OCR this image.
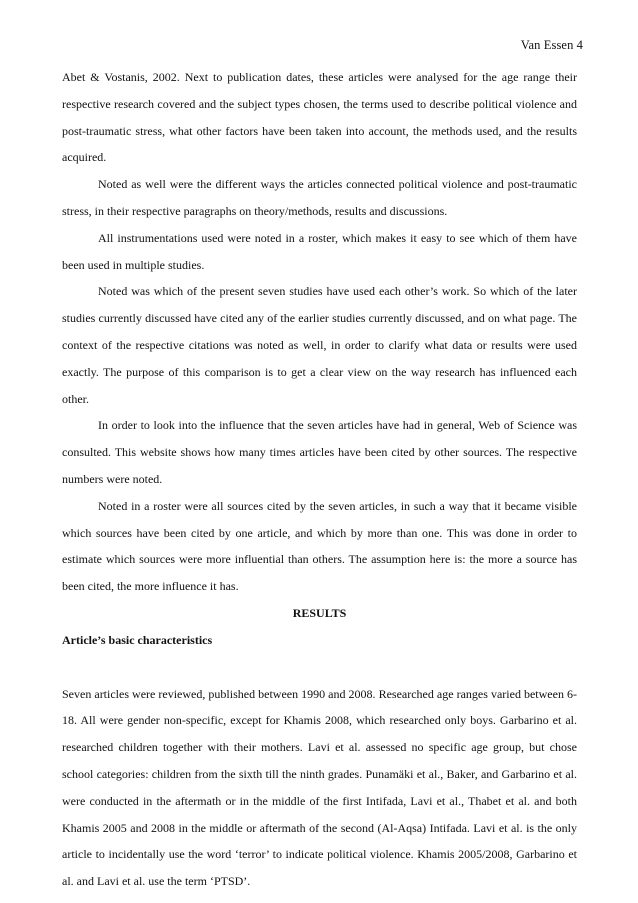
Van Essen 4

Abet & Vostanis, 2002. Next to publication dates, these articles were analysed for the age range their respective research covered and the subject types chosen, the terms used to describe political violence and post-traumatic stress, what other factors have been taken into account, the methods used, and the results acquired.

Noted as well were the different ways the articles connected political violence and post-traumatic stress, in their respective paragraphs on theory/methods, results and discussions.

All instrumentations used were noted in a roster, which makes it easy to see which of them have been used in multiple studies.

Noted was which of the present seven studies have used each other’s work. So which of the later studies currently discussed have cited any of the earlier studies currently discussed, and on what page. The context of the respective citations was noted as well, in order to clarify what data or results were used exactly. The purpose of this comparison is to get a clear view on the way research has influenced each other.

In order to look into the influence that the seven articles have had in general, Web of Science was consulted. This website shows how many times articles have been cited by other sources. The respective numbers were noted.

Noted in a roster were all sources cited by the seven articles, in such a way that it became visible which sources have been cited by one article, and which by more than one. This was done in order to estimate which sources were more influential than others. The assumption here is: the more a source has been cited, the more influence it has.

RESULTS

Article’s basic characteristics

Seven articles were reviewed, published between 1990 and 2008. Researched age ranges varied between 6-18. All were gender non-specific, except for Khamis 2008, which researched only boys. Garbarino et al. researched children together with their mothers. Lavi et al. assessed no specific age group, but chose school categories: children from the sixth till the ninth grades. Punamäki et al., Baker, and Garbarino et al. were conducted in the aftermath or in the middle of the first Intifada, Lavi et al., Thabet et al. and both Khamis 2005 and 2008 in the middle or aftermath of the second (Al-Aqsa) Intifada. Lavi et al. is the only article to incidentally use the word ‘terror’ to indicate political violence. Khamis 2005/2008, Garbarino et al. and Lavi et al. use the term ‘PTSD’.
